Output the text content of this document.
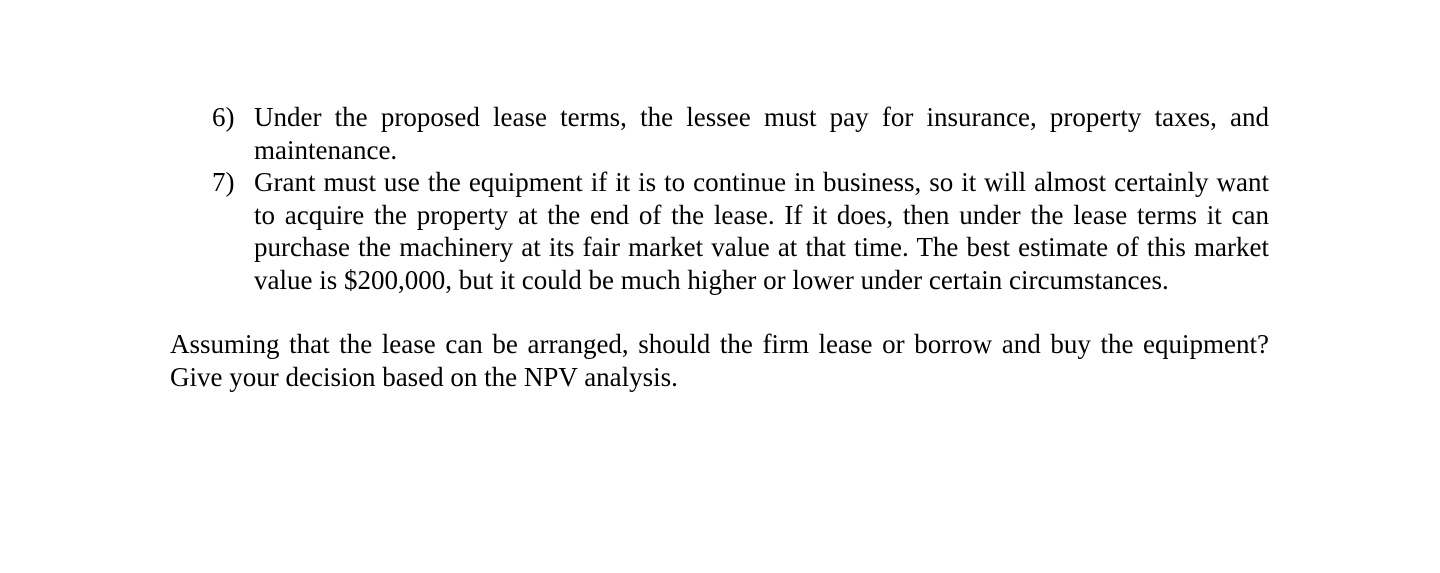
6) Under the proposed lease terms, the lessee must pay for insurance, property taxes, and maintenance.
7) Grant must use the equipment if it is to continue in business, so it will almost certainly want to acquire the property at the end of the lease. If it does, then under the lease terms it can purchase the machinery at its fair market value at that time. The best estimate of this market value is $200,000, but it could be much higher or lower under certain circumstances.

Assuming that the lease can be arranged, should the firm lease or borrow and buy the equipment? Give your decision based on the NPV analysis.
